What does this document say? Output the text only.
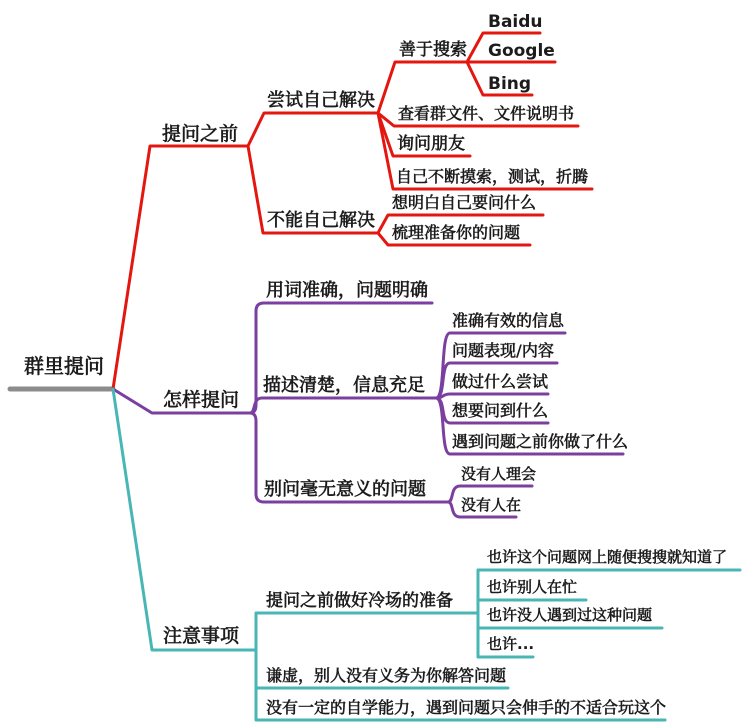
群里提问
提问之前
尝试自己解决
善于搜索
Baidu
Google
Bing
查看群文件、文件说明书
询问朋友
自己不断摸索，测试，折腾
不能自己解决
想明白自己要问什么
梳理准备你的问题
怎样提问
用词准确，问题明确
描述清楚，信息充足
准确有效的信息
问题表现/内容
做过什么尝试
想要问到什么
遇到问题之前你做了什么
别问毫无意义的问题
没有人理会
没有人在
注意事项
提问之前做好冷场的准备
也许这个问题网上随便搜搜就知道了
也许别人在忙
也许没人遇到过这种问题
也许...
谦虚，别人没有义务为你解答问题
没有一定的自学能力，遇到问题只会伸手的不适合玩这个
